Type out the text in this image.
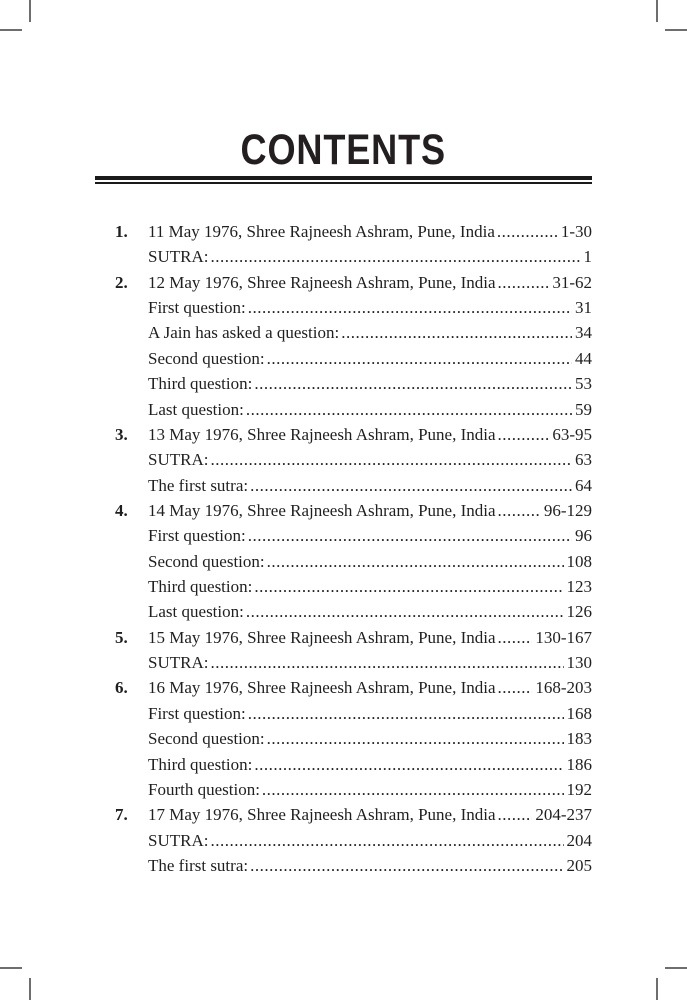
CONTENTS
1.	11 May 1976, Shree Rajneesh Ashram, Pune, India .....	1-30
SUTRA: .....	1
2.	12 May 1976, Shree Rajneesh Ashram, Pune, India .....	31-62
First question: .....	31
A Jain has asked a question: .....	34
Second question: .....	44
Third question: .....	53
Last question: .....	59
3.	13 May 1976, Shree Rajneesh Ashram, Pune, India .....	63-95
SUTRA: .....	63
The first sutra: .....	64
4.	14 May 1976, Shree Rajneesh Ashram, Pune, India .....	96-129
First question: .....	96
Second question: .....	108
Third question: .....	123
Last question: .....	126
5.	15 May 1976, Shree Rajneesh Ashram, Pune, India ..... 130-167
SUTRA: .....	130
6.	16 May 1976, Shree Rajneesh Ashram, Pune, India ..... 168-203
First question: .....	168
Second question: .....	183
Third question: .....	186
Fourth question: .....	192
7.	17 May 1976, Shree Rajneesh Ashram, Pune, India ..... 204-237
SUTRA: .....	204
The first sutra: .....	205
